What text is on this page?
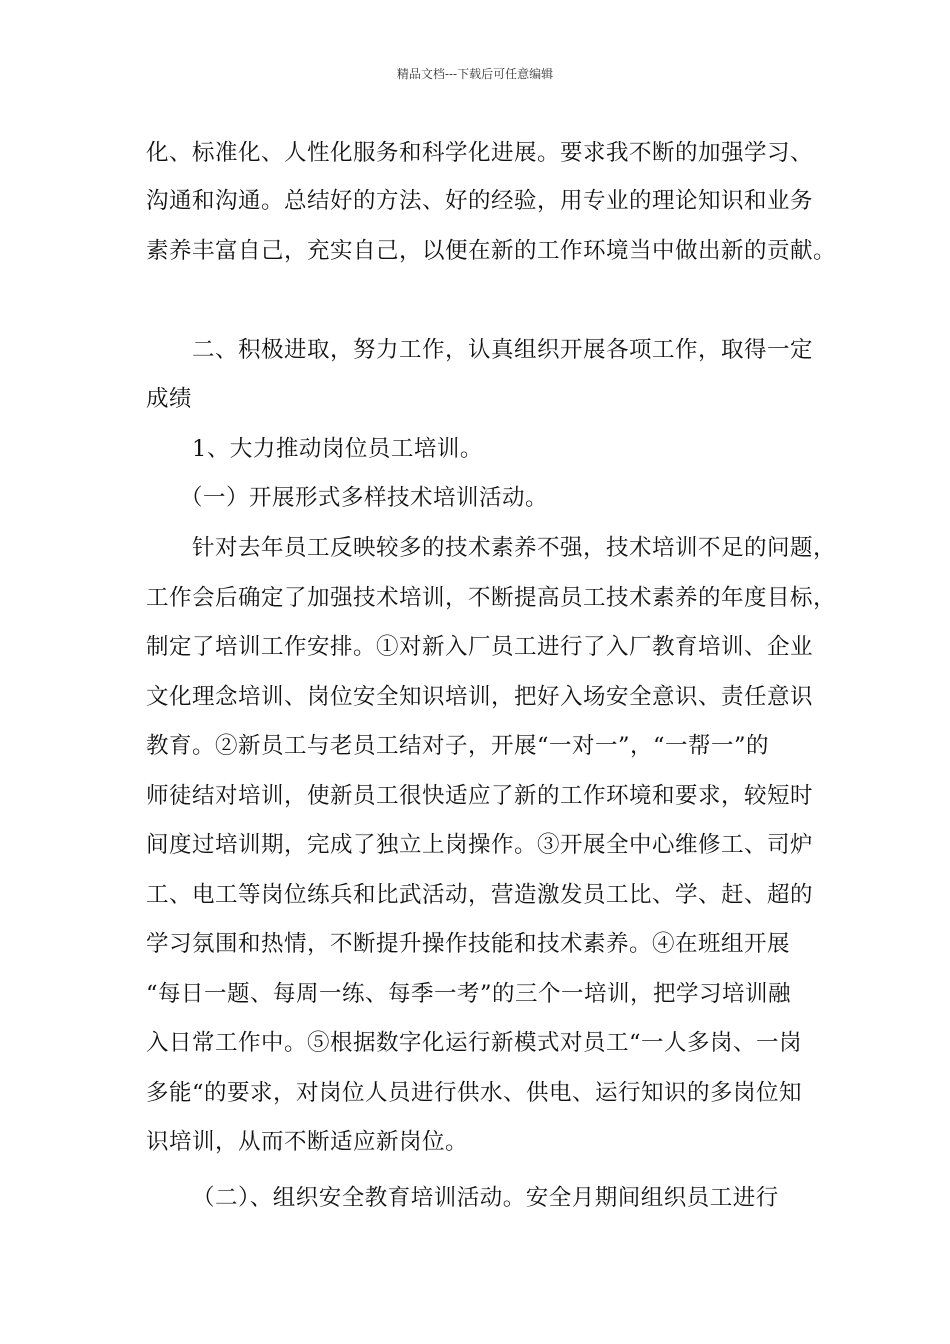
精品文档---下载后可任意编辑
化、标准化、人性化服务和科学化进展。要求我不断的加强学习、
沟通和沟通。总结好的方法、好的经验，用专业的理论知识和业务
素养丰富自己，充实自己，以便在新的工作环境当中做出新的贡献。
二、积极进取，努力工作，认真组织开展各项工作，取得一定
成绩
1、大力推动岗位员工培训。
（一）开展形式多样技术培训活动。
针对去年员工反映较多的技术素养不强，技术培训不足的问题，
工作会后确定了加强技术培训，不断提高员工技术素养的年度目标，
制定了培训工作安排。①对新入厂员工进行了入厂教育培训、企业
文化理念培训、岗位安全知识培训，把好入场安全意识、责任意识
教育。②新员工与老员工结对子，开展“一对一”，“一帮一”的
师徒结对培训，使新员工很快适应了新的工作环境和要求，较短时
间度过培训期，完成了独立上岗操作。③开展全中心维修工、司炉
工、电工等岗位练兵和比武活动，营造激发员工比、学、赶、超的
学习氛围和热情，不断提升操作技能和技术素养。④在班组开展
“每日一题、每周一练、每季一考”的三个一培训，把学习培训融
入日常工作中。⑤根据数字化运行新模式对员工“一人多岗、一岗
多能“的要求，对岗位人员进行供水、供电、运行知识的多岗位知
识培训，从而不断适应新岗位。
（二）、组织安全教育培训活动。安全月期间组织员工进行
